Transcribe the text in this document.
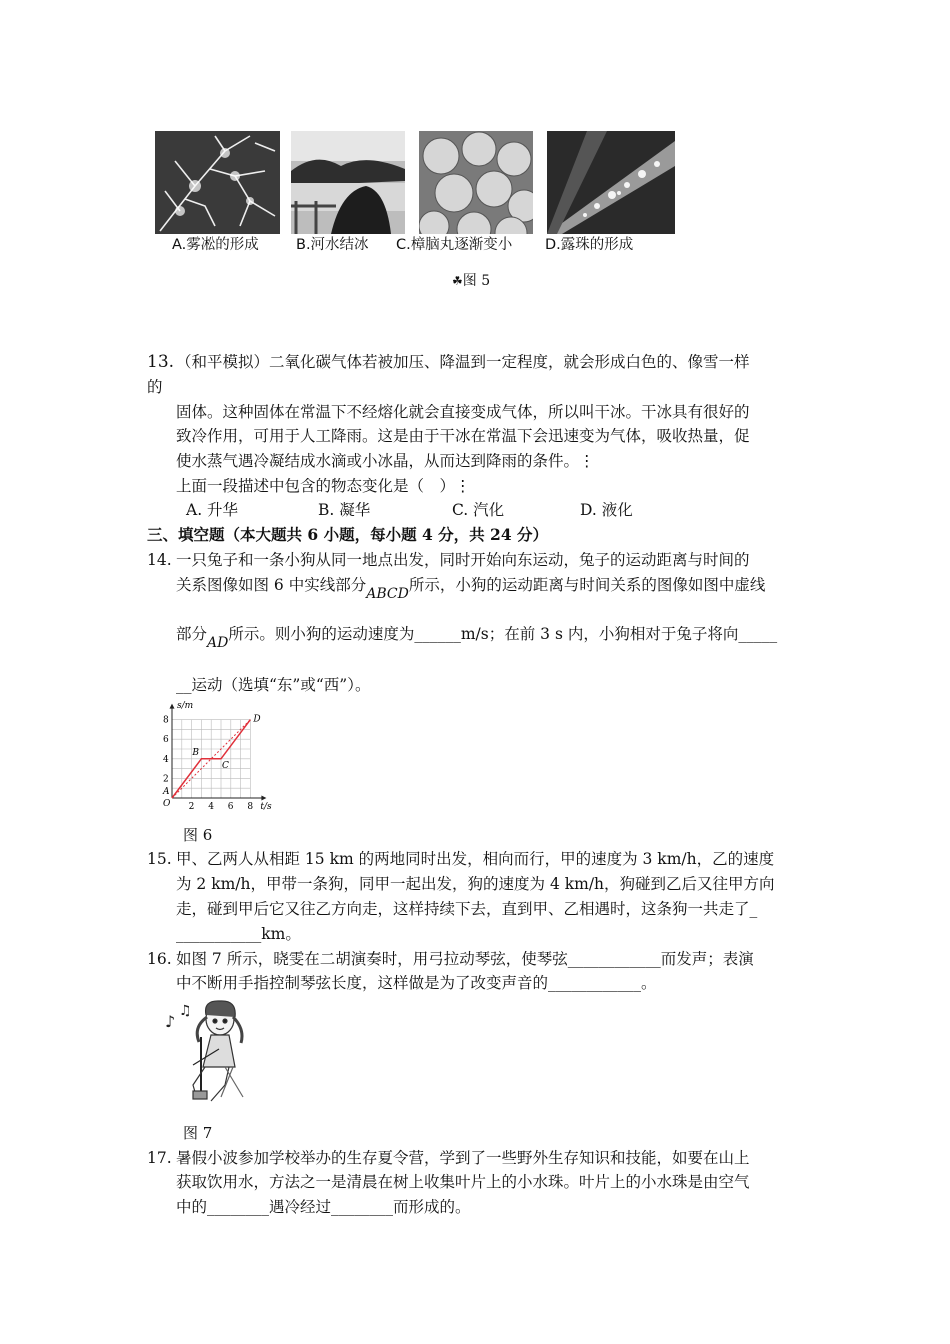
A.雾凇的形成	B.河水结冰 C.樟脑丸逐渐变小 D.露珠的形成
☘图 5
13. （和平模拟）二氧化碳气体若被加压、降温到一定程度，就会形成白色的、像雪一样
的
固体。这种固体在常温下不经熔化就会直接变成气体，所以叫干冰。干冰具有很好的
致冷作用，可用于人工降雨。这是由于干冰在常温下会迅速变为气体，吸收热量，促
使水蒸气遇冷凝结成水滴或小冰晶，从而达到降雨的条件。⋮
上面一段描述中包含的物态变化是（　）⋮
A. 升华	B. 凝华	C. 汽化	D. 液化
三、填空题（本大题共 6 小题，每小题 4 分，共 24 分）
14. 一只兔子和一条小狗从同一地点出发，同时开始向东运动，兔子的运动距离与时间的
关系图像如图 6 中实线部分ABCD所示，小狗的运动距离与时间关系的图像如图中虚线
部分AD所示。则小狗的运动速度为______m/s；在前 3 s 内，小狗相对于兔子将向_____
__运动（选填“东”或“西”）。
A
B
C
D
2 4 6 8
2
4
6
8
O	t/s
s/m
图 6
15. 甲、乙两人从相距 15 km 的两地同时出发，相向而行，甲的速度为 3 km/h，乙的速度
为 2 km/h，甲带一条狗，同甲一起出发，狗的速度为 4 km/h，狗碰到乙后又往甲方向
走，碰到甲后它又往乙方向走，这样持续下去，直到甲、乙相遇时，这条狗一共走了_
___________km。
16. 如图 7 所示，晓雯在二胡演奏时，用弓拉动琴弦，使琴弦____________而发声；表演
中不断用手指控制琴弦长度，这样做是为了改变声音的____________。
♪
♫
图 7
17. 暑假小波参加学校举办的生存夏令营，学到了一些野外生存知识和技能，如要在山上
获取饮用水，方法之一是清晨在树上收集叶片上的小水珠。叶片上的小水珠是由空气
中的________遇冷经过________而形成的。
